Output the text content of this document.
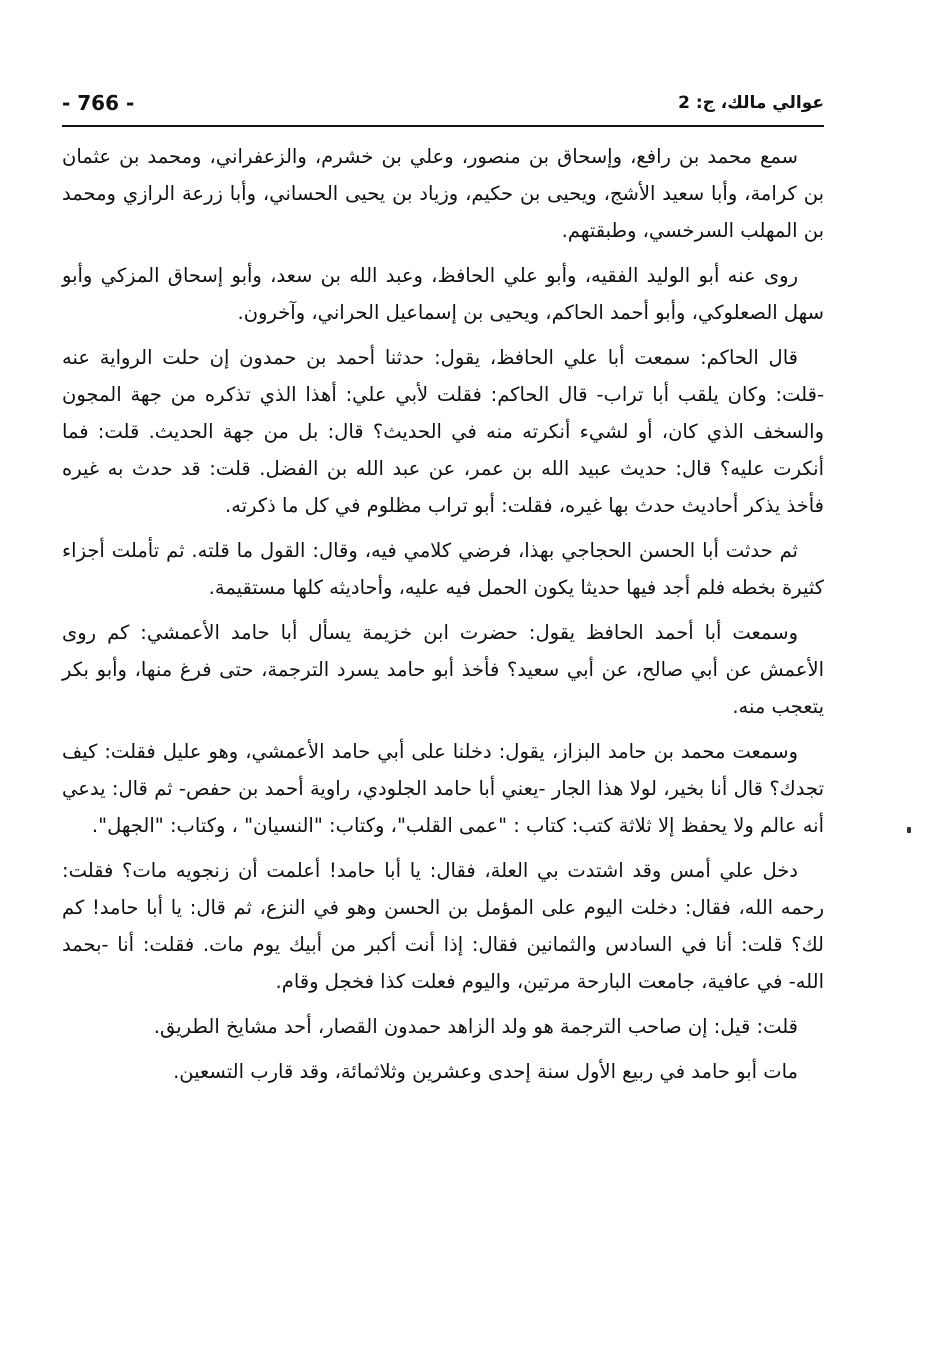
- 766 -	عوالي مالك، ج: 2

سمع محمد بن رافع، وإسحاق بن منصور، وعلي بن خشرم، والزعفراني، ومحمد بن عثمان بن كرامة، وأبا سعيد الأشج، ويحيى بن حكيم، وزياد بن يحيى الحساني، وأبا زرعة الرازي ومحمد بن المهلب السرخسي، وطبقتهم.

روى عنه أبو الوليد الفقيه، وأبو علي الحافظ، وعبد الله بن سعد، وأبو إسحاق المزكي وأبو سهل الصعلوكي، وأبو أحمد الحاكم، ويحيى بن إسماعيل الحراني، وآخرون.

قال الحاكم: سمعت أبا علي الحافظ، يقول: حدثنا أحمد بن حمدون إن حلت الرواية عنه -قلت: وكان يلقب أبا تراب- قال الحاكم: فقلت لأبي علي: أهذا الذي تذكره من جهة المجون والسخف الذي كان، أو لشيء أنكرته منه في الحديث؟ قال: بل من جهة الحديث. قلت: فما أنكرت عليه؟ قال: حديث عبيد الله بن عمر، عن عبد الله بن الفضل. قلت: قد حدث به غيره فأخذ يذكر أحاديث حدث بها غيره، فقلت: أبو تراب مظلوم في كل ما ذكرته.

ثم حدثت أبا الحسن الحجاجي بهذا، فرضي كلامي فيه، وقال: القول ما قلته. ثم تأملت أجزاء كثيرة بخطه فلم أجد فيها حديثا يكون الحمل فيه عليه، وأحاديثه كلها مستقيمة.

وسمعت أبا أحمد الحافظ يقول: حضرت ابن خزيمة يسأل أبا حامد الأعمشي: كم روى الأعمش عن أبي صالح، عن أبي سعيد؟ فأخذ أبو حامد يسرد الترجمة، حتى فرغ منها، وأبو بكر يتعجب منه.

وسمعت محمد بن حامد البزاز، يقول: دخلنا على أبي حامد الأعمشي، وهو عليل فقلت: كيف تجدك؟ قال أنا بخير، لولا هذا الجار -يعني أبا حامد الجلودي، راوية أحمد بن حفص- ثم قال: يدعي أنه عالم ولا يحفظ إلا ثلاثة كتب: كتاب : "عمى القلب"، وكتاب: "النسيان" ، وكتاب: "الجهل".

دخل علي أمس وقد اشتدت بي العلة، فقال: يا أبا حامد! أعلمت أن زنجويه مات؟ فقلت: رحمه الله، فقال: دخلت اليوم على المؤمل بن الحسن وهو في النزع، ثم قال: يا أبا حامد! كم لك؟ قلت: أنا في السادس والثمانين فقال: إذا أنت أكبر من أبيك يوم مات. فقلت: أنا -بحمد الله- في عافية، جامعت البارحة مرتين، واليوم فعلت كذا فخجل وقام.

قلت: قيل: إن صاحب الترجمة هو ولد الزاهد حمدون القصار، أحد مشايخ الطريق.

مات أبو حامد في ربيع الأول سنة إحدى وعشرين وثلاثمائة، وقد قارب التسعين.
